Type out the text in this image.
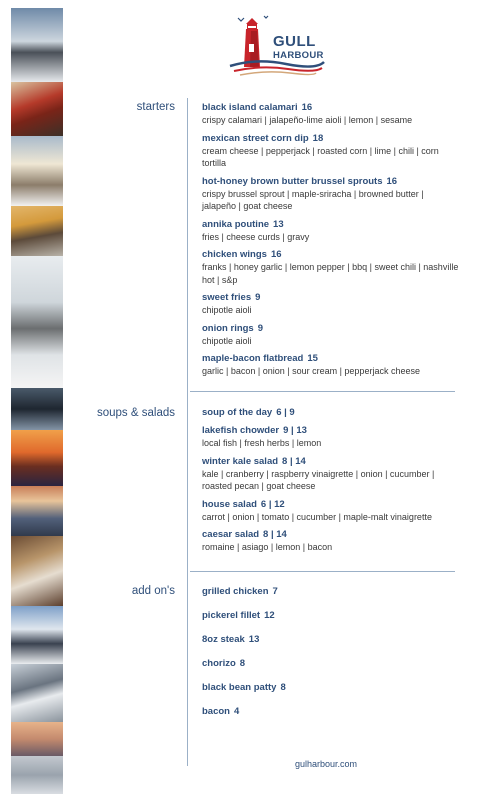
GULL
HARBOUR
starters
soups & salads
add on's
black island calamari 16
crispy calamari | jalapeño-lime aioli | lemon | sesame
mexican street corn dip 18
cream cheese | pepperjack | roasted corn | lime | chili | corn tortilla
hot-honey brown butter brussel sprouts 16
crispy brussel sprout | maple-sriracha | browned butter | jalapeño | goat cheese
annika poutine 13
fries | cheese curds | gravy
chicken wings 16
franks | honey garlic | lemon pepper | bbq | sweet chili | nashville hot | s&p
sweet fries 9
chipotle aioli
onion rings 9
chipotle aioli
maple-bacon flatbread 15
garlic | bacon | onion | sour cream | pepperjack cheese
soup of the day 6 | 9
lakefish chowder 9 | 13
local fish | fresh herbs | lemon
winter kale salad 8 | 14
kale | cranberry | raspberry vinaigrette | onion | cucumber | roasted pecan | goat cheese
house salad 6 | 12
carrot | onion | tomato | cucumber | maple-malt vinaigrette
caesar salad 8 | 14
romaine | asiago | lemon | bacon
grilled chicken 7
pickerel fillet 12
8oz steak 13
chorizo 8
black bean patty 8
bacon 4
gulharbour.com
